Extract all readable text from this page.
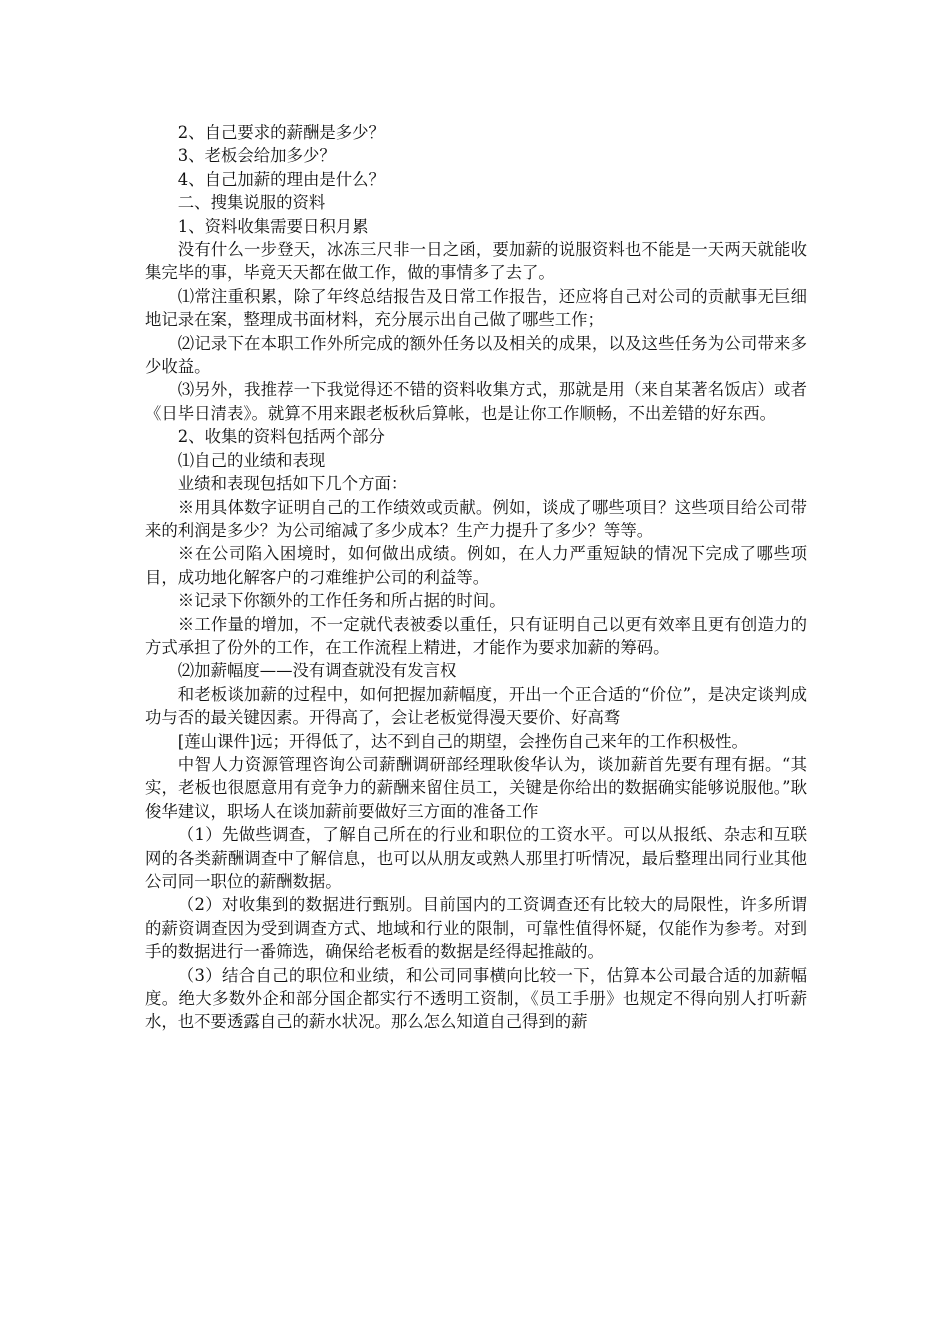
2、自己要求的薪酬是多少？

3、老板会给加多少？

4、自己加薪的理由是什么？

二、搜集说服的资料

1、资料收集需要日积月累

没有什么一步登天，冰冻三尺非一日之函，要加薪的说服资料也不能是一天两天就能收集完毕的事，毕竟天天都在做工作，做的事情多了去了。

⑴常注重积累，除了年终总结报告及日常工作报告，还应将自己对公司的贡献事无巨细地记录在案，整理成书面材料，充分展示出自己做了哪些工作；

⑵记录下在本职工作外所完成的额外任务以及相关的成果，以及这些任务为公司带来多少收益。

⑶另外，我推荐一下我觉得还不错的资料收集方式，那就是用（来自某著名饭店）或者《日毕日清表》。就算不用来跟老板秋后算帐，也是让你工作顺畅，不出差错的好东西。

2、收集的资料包括两个部分

⑴自己的业绩和表现

业绩和表现包括如下几个方面：

※用具体数字证明自己的工作绩效或贡献。例如，谈成了哪些项目？这些项目给公司带来的利润是多少？为公司缩减了多少成本？生产力提升了多少？等等。

※在公司陷入困境时，如何做出成绩。例如，在人力严重短缺的情况下完成了哪些项目，成功地化解客户的刁难维护公司的利益等。

※记录下你额外的工作任务和所占据的时间。

※工作量的增加，不一定就代表被委以重任，只有证明自己以更有效率且更有创造力的方式承担了份外的工作，在工作流程上精进，才能作为要求加薪的筹码。

⑵加薪幅度——没有调查就没有发言权

和老板谈加薪的过程中，如何把握加薪幅度，开出一个正合适的“价位”，是决定谈判成功与否的最关键因素。开得高了，会让老板觉得漫天要价、好高骛

[莲山课件]远；开得低了，达不到自己的期望，会挫伤自己来年的工作积极性。

中智人力资源管理咨询公司薪酬调研部经理耿俊华认为，谈加薪首先要有理有据。“其实，老板也很愿意用有竞争力的薪酬来留住员工，关键是你给出的数据确实能够说服他。”耿俊华建议，职场人在谈加薪前要做好三方面的准备工作

（1）先做些调查，了解自己所在的行业和职位的工资水平。可以从报纸、杂志和互联网的各类薪酬调查中了解信息，也可以从朋友或熟人那里打听情况，最后整理出同行业其他公司同一职位的薪酬数据。

（2）对收集到的数据进行甄别。目前国内的工资调查还有比较大的局限性，许多所谓的薪资调查因为受到调查方式、地域和行业的限制，可靠性值得怀疑，仅能作为参考。对到手的数据进行一番筛选，确保给老板看的数据是经得起推敲的。

（3）结合自己的职位和业绩，和公司同事横向比较一下，估算本公司最合适的加薪幅度。绝大多数外企和部分国企都实行不透明工资制，《员工手册》也规定不得向别人打听薪水，也不要透露自己的薪水状况。那么怎么知道自己得到的薪
